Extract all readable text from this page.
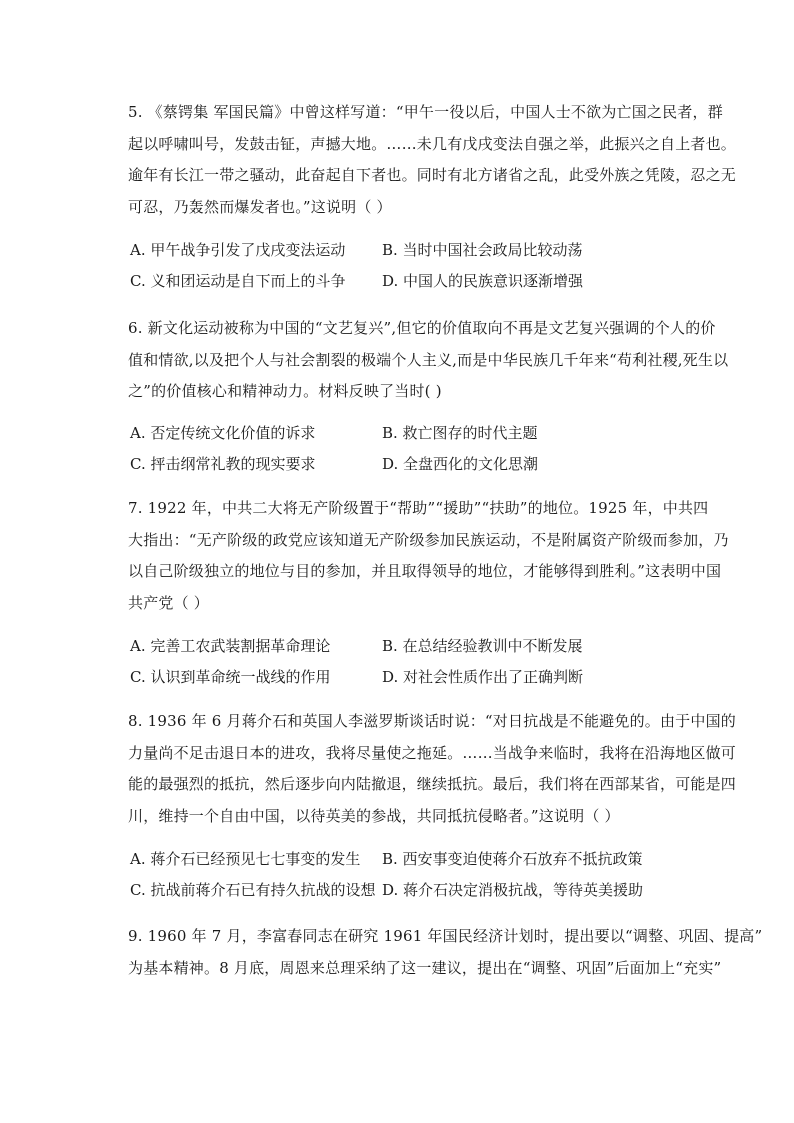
5. 《蔡锷集 军国民篇》中曾这样写道：“甲午一役以后，中国人士不欲为亡国之民者，群
起以呼啸叫号，发鼓击钲，声撼大地。……未几有戊戌变法自强之举，此振兴之自上者也。
逾年有长江一带之骚动，此奋起自下者也。同时有北方诸省之乱，此受外族之凭陵，忍之无
可忍，乃轰然而爆发者也。”这说明（ ）
A. 甲午战争引发了戊戌变法运动 B. 当时中国社会政局比较动荡
C. 义和团运动是自下而上的斗争 D. 中国人的民族意识逐渐增强
6. 新文化运动被称为中国的“文艺复兴”,但它的价值取向不再是文艺复兴强调的个人的价
值和情欲,以及把个人与社会割裂的极端个人主义,而是中华民族几千年来“苟利社稷,死生以
之”的价值核心和精神动力。材料反映了当时( )
A. 否定传统文化价值的诉求	B. 救亡图存的时代主题
C. 抨击纲常礼教的现实要求	D. 全盘西化的文化思潮
7. 1922 年，中共二大将无产阶级置于“帮助”“援助”“扶助”的地位。1925 年，中共四
大指出：“无产阶级的政党应该知道无产阶级参加民族运动，不是附属资产阶级而参加，乃
以自己阶级独立的地位与目的参加，并且取得领导的地位，才能够得到胜利。”这表明中国
共产党（ ）
A. 完善工农武装割据革命理论	B. 在总结经验教训中不断发展
C. 认识到革命统一战线的作用	D. 对社会性质作出了正确判断
8. 1936 年 6 月蒋介石和英国人李滋罗斯谈话时说：“对日抗战是不能避免的。由于中国的
力量尚不足击退日本的进攻，我将尽量使之拖延。……当战争来临时，我将在沿海地区做可
能的最强烈的抵抗，然后逐步向内陆撤退，继续抵抗。最后，我们将在西部某省，可能是四
川，维持一个自由中国，以待英美的参战，共同抵抗侵略者。”这说明（ ）
A. 蒋介石已经预见七七事变的发生 B. 西安事变迫使蒋介石放弃不抵抗政策
C. 抗战前蒋介石已有持久抗战的设想 D. 蒋介石决定消极抗战，等待英美援助
9. 1960 年 7 月，李富春同志在研究 1961 年国民经济计划时，提出要以“调整、巩固、提高”
为基本精神。8 月底，周恩来总理采纳了这一建议，提出在“调整、巩固”后面加上“充实”
